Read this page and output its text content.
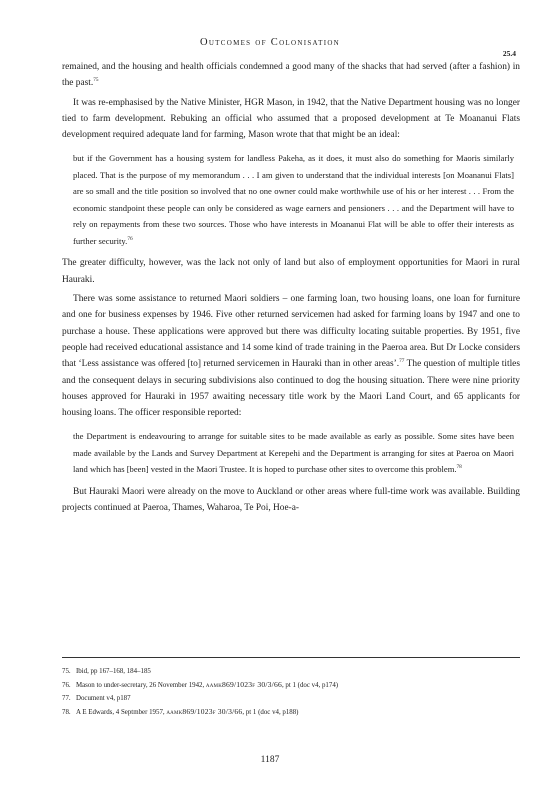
Outcomes of Colonisation
25.4

remained, and the housing and health officials condemned a good many of the shacks that had served (after a fashion) in the past.$^{75}$

It was re-emphasised by the Native Minister, HGR Mason, in 1942, that the Native Department housing was no longer tied to farm development. Rebuking an official who assumed that a proposed development at Te Moananui Flats development required adequate land for farming, Mason wrote that that might be an ideal:

but if the Government has a housing system for landless Pakeha, as it does, it must also do something for Maoris similarly placed. That is the purpose of my memorandum . . . I am given to understand that the individual interests [on Moananui Flats] are so small and the title position so involved that no one owner could make worthwhile use of his or her interest . . . From the economic standpoint these people can only be considered as wage earners and pensioners . . . and the Department will have to rely on repayments from these two sources. Those who have interests in Moananui Flat will be able to offer their interests as further security.$^{76}$

The greater difficulty, however, was the lack not only of land but also of employment opportunities for Maori in rural Hauraki.

There was some assistance to returned Maori soldiers – one farming loan, two housing loans, one loan for furniture and one for business expenses by 1946. Five other returned servicemen had asked for farming loans by 1947 and one to purchase a house. These applications were approved but there was difficulty locating suitable properties. By 1951, five people had received educational assistance and 14 some kind of trade training in the Paeroa area. But Dr Locke considers that ‘Less assistance was offered [to] returned servicemen in Hauraki than in other areas’.$^{77}$ The question of multiple titles and the consequent delays in securing subdivisions also continued to dog the housing situation. There were nine priority houses approved for Hauraki in 1957 awaiting necessary title work by the Maori Land Court, and 65 applicants for housing loans. The officer responsible reported:

the Department is endeavouring to arrange for suitable sites to be made available as early as possible. Some sites have been made available by the Lands and Survey Department at Kerepehi and the Department is arranging for sites at Paeroa on Maori land which has [been] vested in the Maori Trustee. It is hoped to purchase other sites to overcome this problem.$^{78}$

But Hauraki Maori were already on the move to Auckland or other areas where full-time work was available. Building projects continued at Paeroa, Thames, Waharoa, Te Poi, Hoe-a-

75. Ibid, pp 167–168, 184–185

76. Mason to under-secretary, 26 November 1942, aamk869/1023f 30/3/66, pt 1 (doc v4, p174)

77. Document v4, p187

78. A E Edwards, 4 Septmber 1957, aamk869/1023f 30/3/66, pt 1 (doc v4, p188)

1187
